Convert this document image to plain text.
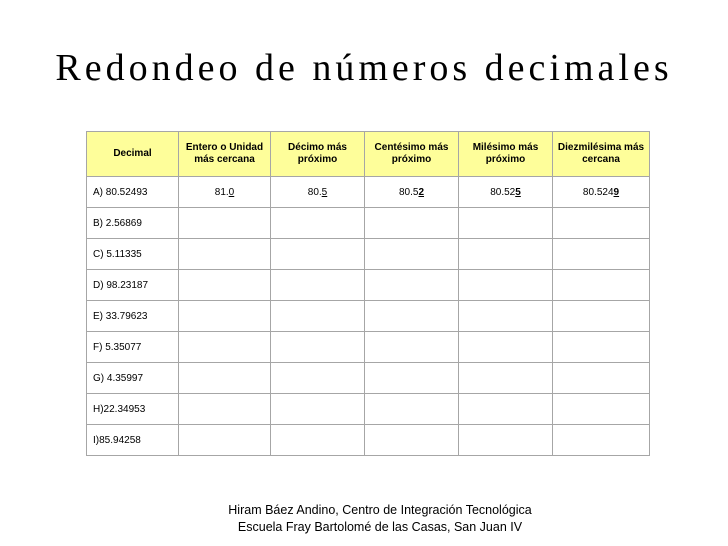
Redondeo de números decimales
Decimal	Entero o Unidad más cercana	Décimo más próximo	Centésimo más próximo	Milésimo más próximo	Diezmilésima más cercana
A) 80.52493	81.0	80.5	80.52	80.525	80.5249
B) 2.56869					
C) 5.11335					
D) 98.23187					
E) 33.79623					
F) 5.35077					
G) 4.35997					
H)22.34953					
I)85.94258					
Hiram Báez Andino, Centro de Integración Tecnológica
Escuela Fray Bartolomé de las Casas, San Juan IV
